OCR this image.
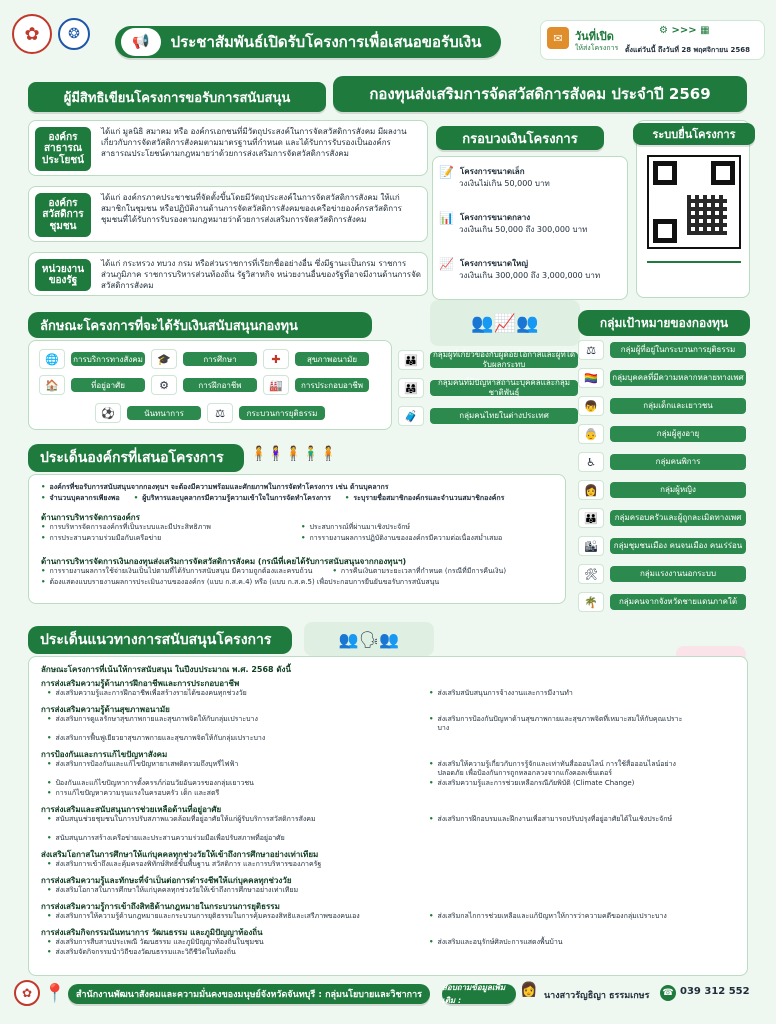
✿ ❂	📢	ประชาสัมพันธ์เปิดรับโครงการเพื่อเสนอขอรับเงิน	✉	วันที่เปิด
ให้ส่งโครงการ
⚙ >>> ▦
ตั้งแต่วันนี้ ถึงวันที่ 28 พฤศจิกายน 2568
ผู้มีสิทธิเขียนโครงการขอรับการสนับสนุน	กองทุนส่งเสริมการจัดสวัสดิการสังคม ประจำปี 2569
องค์กร
สาธารณ
ประโยชน์
ได้แก่ มูลนิธิ สมาคม หรือ องค์กรเอกชนที่มีวัตถุประสงค์ในการจัดสวัสดิการสังคม มีผลงานเกี่ยวกับการจัดสวัสดิการสังคมตามมาตรฐานที่กำหนด และได้รับการรับรองเป็นองค์กรสาธารณประโยชน์ตามกฎหมายว่าด้วยการส่งเสริมการจัดสวัสดิการสังคม
องค์กร
สวัสดิการ
ชุมชน
ได้แก่ องค์กรภาคประชาชนที่จัดตั้งขึ้นโดยมีวัตถุประสงค์ในการจัดสวัสดิการสังคม ให้แก่สมาชิกในชุมชน หรือปฏิบัติงานด้านการจัดสวัสดิการสังคมของเครือข่ายองค์กรสวัสดิการชุมชนที่ได้รับการรับรองตามกฎหมายว่าด้วยการส่งเสริมการจัดสวัสดิการสังคม
หน่วยงาน
ของรัฐ
ได้แก่ กระทรวง ทบวง กรม หรือส่วนราชการที่เรียกชื่ออย่างอื่น ซึ่งมีฐานะเป็นกรม ราชการส่วนภูมิภาค ราชการบริหารส่วนท้องถิ่น รัฐวิสาหกิจ หน่วยงานอื่นของรัฐที่อาจมีงานด้านการจัดสวัสดิการสังคม
กรอบวงเงินโครงการ
📝 โครงการขนาดเล็ก
วงเงินไม่เกิน 50,000 บาท
📊 โครงการขนาดกลาง
วงเงินเกิน 50,000 ถึง 300,000 บาท
📈 โครงการขนาดใหญ่
วงเงินเกิน 300,000 ถึง 3,000,000 บาท
ระบบยื่นโครงการ
ลักษณะโครงการที่จะได้รับเงินสนับสนุนกองทุน
🌐	การบริการทางสังคม	🎓	การศึกษา	✚	สุขภาพอนามัย
🏠	ที่อยู่อาศัย	⚙	การฝึกอาชีพ	🏭	การประกอบอาชีพ
⚽	นันทนาการ	⚖	กระบวนการยุติธรรม
👥📈👥
👪	กลุ่มผู้ที่เกี่ยวข้องกับผู้ด้อยโอกาสและผู้ที่ได้รับผลกระทบ
👨‍👩‍👧	กลุ่มคนที่มีปัญหาสถานะบุคคลและกลุ่มชาติพันธุ์
🧳	กลุ่มคนไทยในต่างประเทศ
กลุ่มเป้าหมายของกองทุน
⚖	กลุ่มผู้ที่อยู่ในกระบวนการยุติธรรม
🏳️‍🌈	กลุ่มบุคคลที่มีความหลากหลายทางเพศ
👦	กลุ่มเด็กและเยาวชน
👵	กลุ่มผู้สูงอายุ
♿	กลุ่มคนพิการ
👩	กลุ่มผู้หญิง
👪	กลุ่มครอบครัวและผู้ถูกละเมิดทางเพศ
🏙	กลุ่มชุมชนเมือง คนจนเมือง คนเร่ร่อน
🛠	กลุ่มแรงงานนอกระบบ
🌴	กลุ่มคนจากจังหวัดชายแดนภาคใต้
ประเด็นองค์กรที่เสนอโครงการ 🧍🧍‍♀️🧍🧍‍♂️🧍
• องค์กรที่ขอรับการสนับสนุนจากกองทุนฯ จะต้องมีความพร้อมและศักยภาพในการจัดทำโครงการ เช่น ด้านบุคลากร
• จำนวนบุคลากรเพียงพอ	• ผู้บริหารและบุคลากรมีความรู้ความเข้าใจในการจัดทำโครงการ	• ระบุรายชื่อสมาชิกองค์กรและจำนวนสมาชิกองค์กร
ด้านการบริหารจัดการองค์กร
• การบริหารจัดการองค์กรที่เป็นระบบและมีประสิทธิภาพ	• ประสบการณ์ที่ผ่านมาเชิงประจักษ์
• การประสานความร่วมมือกับเครือข่าย	• การรายงานผลการปฏิบัติงานขององค์กรมีความต่อเนื่องสม่ำเสมอ
ด้านการบริหารจัดการเงินกองทุนส่งเสริมการจัดสวัสดิการสังคม (กรณีที่เคยได้รับการสนับสนุนจากกองทุนฯ)
• การรายงานผลการใช้จ่ายเงินเป็นไปตามที่ได้รับการสนับสนุน มีความถูกต้องและครบถ้วน	• การคืนเงินตามระยะเวลาที่กำหนด (กรณีที่มีการคืนเงิน)
• ต้องแสดงแบบรายงานผลการประเมินงานขององค์กร (แบบ ก.ส.ค.4) หรือ (แบบ ก.ส.ค.5) เพื่อประกอบการยืนยันขอรับการสนับสนุน
ประเด็นแนวทางการสนับสนุนโครงการ	👥🗣👥
ลักษณะโครงการที่เน้นให้การสนับสนุน ในปีงบประมาณ พ.ศ. 2568 ดังนี้
การส่งเสริมความรู้ด้านการฝึกอาชีพและการประกอบอาชีพ
• ส่งเสริมความรู้และการฝึกอาชีพเพื่อสร้างรายได้ของคนทุกช่วงวัย	• ส่งเสริมสนับสนุนการจ้างงานและการมีงานทำ
การส่งเสริมความรู้ด้านสุขภาพอนามัย
• ส่งเสริมการดูแลรักษาสุขภาพกายและสุขภาพจิตให้กับกลุ่มเปราะบาง	• ส่งเสริมการป้องกันปัญหาด้านสุขภาพกายและสุขภาพจิตที่เหมาะสมให้กับคุณเปราะบาง
• ส่งเสริมการฟื้นฟูเยียวยาสุขภาพกายและสุขภาพจิตให้กับกลุ่มเปราะบาง
การป้องกันและการแก้ไขปัญหาสังคม
• ส่งเสริมการป้องกันและแก้ไขปัญหายาเสพติดรวมถึงบุหรี่ไฟฟ้า	• ส่งเสริมให้ความรู้เกี่ยวกับการรู้จักและเท่าทันสื่อออนไลน์ การใช้สื่อออนไลน์อย่างปลอดภัย เพื่อป้องกันการถูกหลอกลวงจากแก๊งคอลเซ็นเตอร์
• ป้องกันและแก้ไขปัญหาการตั้งครรภ์ก่อนวัยอันควรของกลุ่มเยาวชน	• ส่งเสริมความรู้และการช่วยเหลือกรณีภัยพิบัติ (Climate Change)
• การแก้ไขปัญหาความรุนแรงในครอบครัว เด็ก และสตรี
การส่งเสริมและสนับสนุนการช่วยเหลือด้านที่อยู่อาศัย
• สนับสนุนช่วยชุมชนในการปรับสภาพแวดล้อมที่อยู่อาศัยให้แก่ผู้รับบริการสวัสดิการสังคม	• ส่งเสริมการฝึกอบรมและฝึกงานเพื่อสามารถปรับปรุงที่อยู่อาศัยได้ในเชิงประจักษ์
• สนับสนุนการสร้างเครือข่ายและประสานความร่วมมือเพื่อปรับสภาพที่อยู่อาศัย
ส่งเสริมโอกาสในการศึกษาให้แก่บุคคลทุกช่วงวัยให้เข้าถึงการศึกษาอย่างเท่าเทียม
• ส่งเสริมการเข้าถึงและคุ้มครองพิทักษ์สิทธิ์ขั้นพื้นฐาน สวัสดิการ และการบริหารของภาครัฐ
การส่งเสริมความรู้และทักษะที่จำเป็นต่อการดำรงชีพให้แก่บุคคลทุกช่วงวัย
• ส่งเสริมโอกาสในการศึกษาให้แก่บุคคลทุกช่วงวัยให้เข้าถึงการศึกษาอย่างเท่าเทียม
การส่งเสริมความรู้การเข้าถึงสิทธิด้านกฎหมายในกระบวนการยุติธรรม
• ส่งเสริมการให้ความรู้ด้านกฎหมายและกระบวนการยุติธรรมในการคุ้มครองสิทธิและเสรีภาพของคนเอง	• ส่งเสริมกลไกการช่วยเหลือและแก้ปัญหาให้การว่าความคดีของกลุ่มเปราะบาง
การส่งเสริมกิจกรรมนันทนาการ วัฒนธรรม และภูมิปัญญาท้องถิ่น
• ส่งเสริมการสืบสานประเพณี วัฒนธรรม และภูมิปัญญาท้องถิ่นในชุมชน	• ส่งเสริมและอนุรักษ์ศิลปะการแสดงพื้นบ้าน
• ส่งเสริมจัดกิจกรรมนำวิถีของวัฒนธรรมและวิถีชีวิตในท้องถิ่น
✿ 📍 สำนักงานพัฒนาสังคมและความมั่นคงของมนุษย์จังหวัดจันทบุรี : กลุ่มนโยบายและวิชาการ
สอบถามข้อมูลเพิ่มเติม :
👩 นางสาวรัญธิญา ธรรมเกษร ☎ 039 312 552
